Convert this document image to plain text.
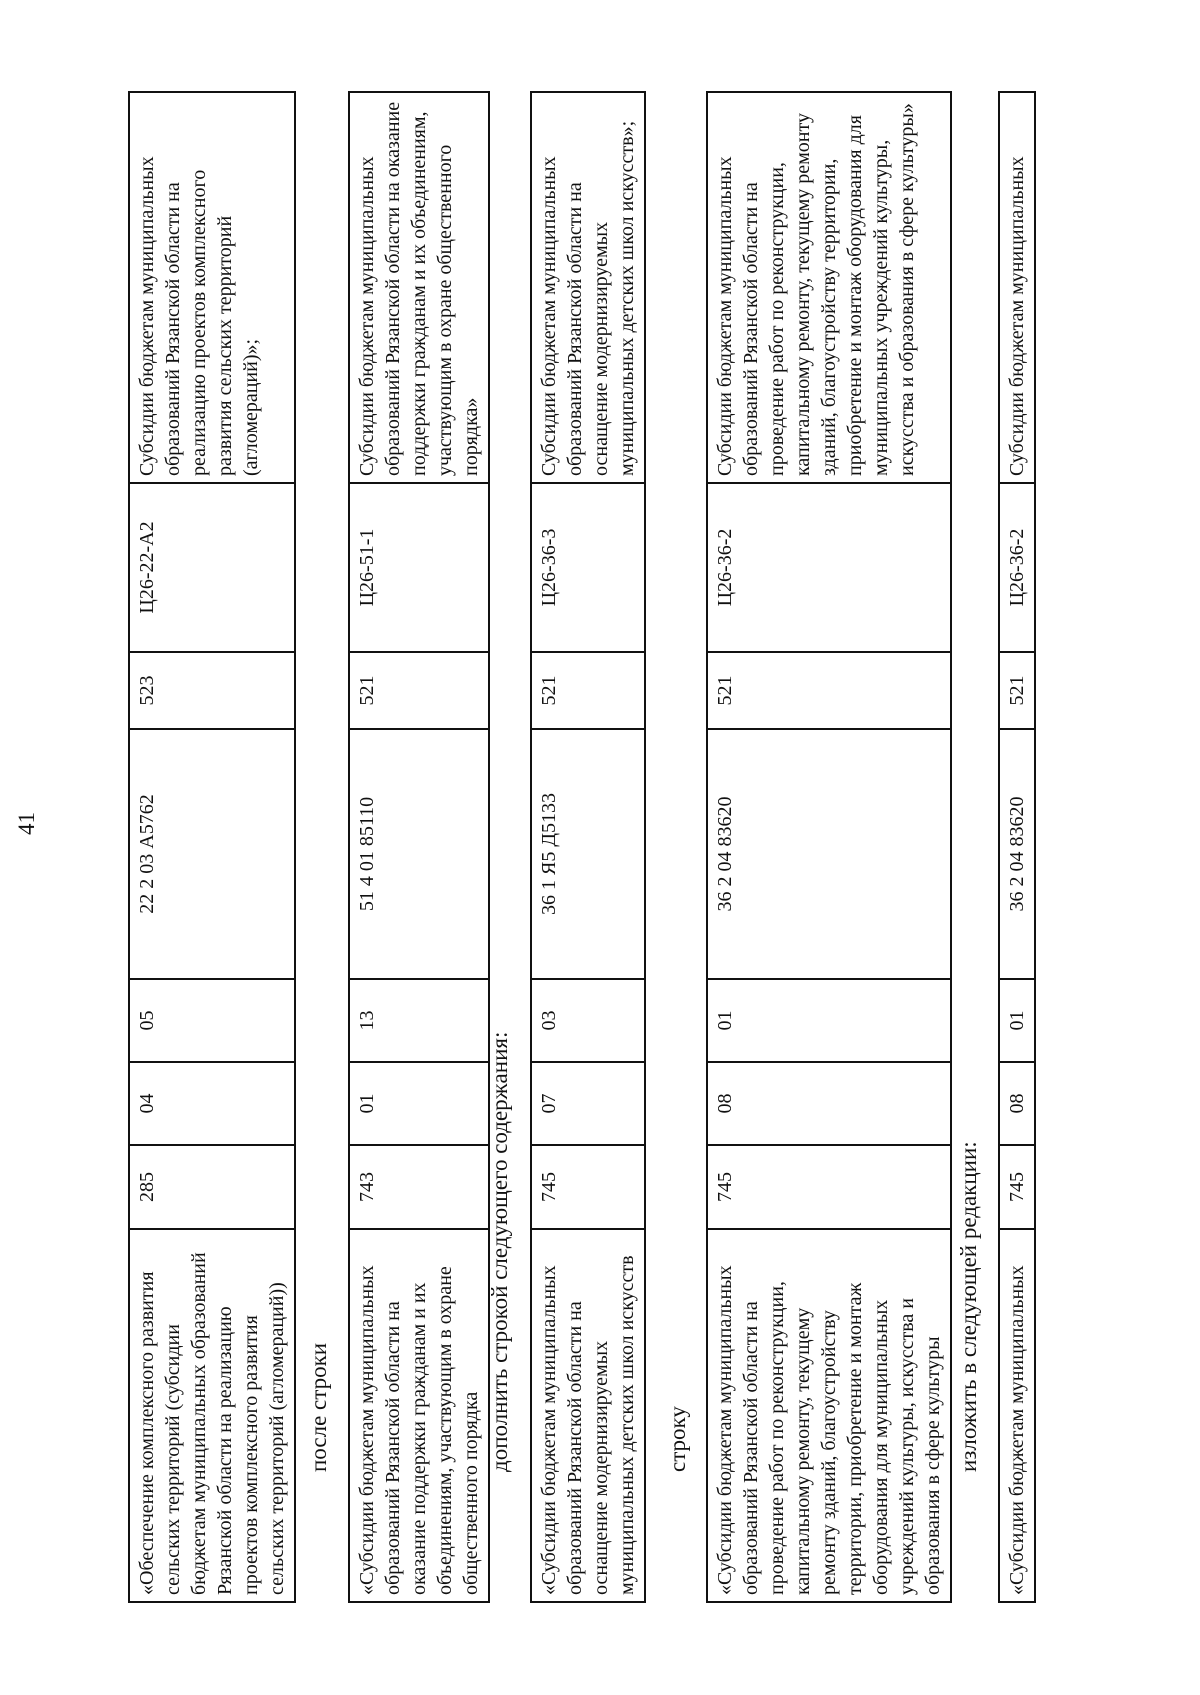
41
«Обеспечение комплексного развития сельских территорий (субсидии бюджетам муниципальных образований Рязанской области на реализацию проектов комплексного развития сельских территорий (агломераций))	285	04	05	22 2 03 А5762	523	Ц26-22-А2	Субсидии бюджетам муниципальных образований Рязанской области на реализацию проектов комплексного развития сельских территорий (агломераций)»;
после строки «Субсидии бюджетам муниципальных образований Рязанской области на оказание поддержки гражданам и их объединениям, участвующим в охране общественного порядка	743	01	13	51 4 01 85110	521	Ц26-51-1	Субсидии бюджетам муниципальных образований Рязанской области на оказание поддержки гражданам и их объединениям, участвующим в охране общественного порядка»
дополнить строкой следующего содержания: «Субсидии бюджетам муниципальных образований Рязанской области на оснащение модернизируемых муниципальных детских школ искусств	745	07	03	36 1 Я5 Д5133	521	Ц26-36-3	Субсидии бюджетам муниципальных образований Рязанской области на оснащение модернизируемых муниципальных детских школ искусств»;
строку «Субсидии бюджетам муниципальных образований Рязанской области на проведение работ по реконструкции, капитальному ремонту, текущему ремонту зданий, благоустройству территории, приобретение и монтаж оборудования для муниципальных учреждений культуры, искусства и образования в сфере культуры	745	08	01	36 2 04 83620	521	Ц26-36-2	Субсидии бюджетам муниципальных образований Рязанской области на проведение работ по реконструкции, капитальному ремонту, текущему ремонту зданий, благоустройству территории, приобретение и монтаж оборудования для муниципальных учреждений культуры, искусства и образования в сфере культуры»
изложить в следующей редакции: «Субсидии бюджетам муниципальных	745	08	01	36 2 04 83620	521	Ц26-36-2	Субсидии бюджетам муниципальных
